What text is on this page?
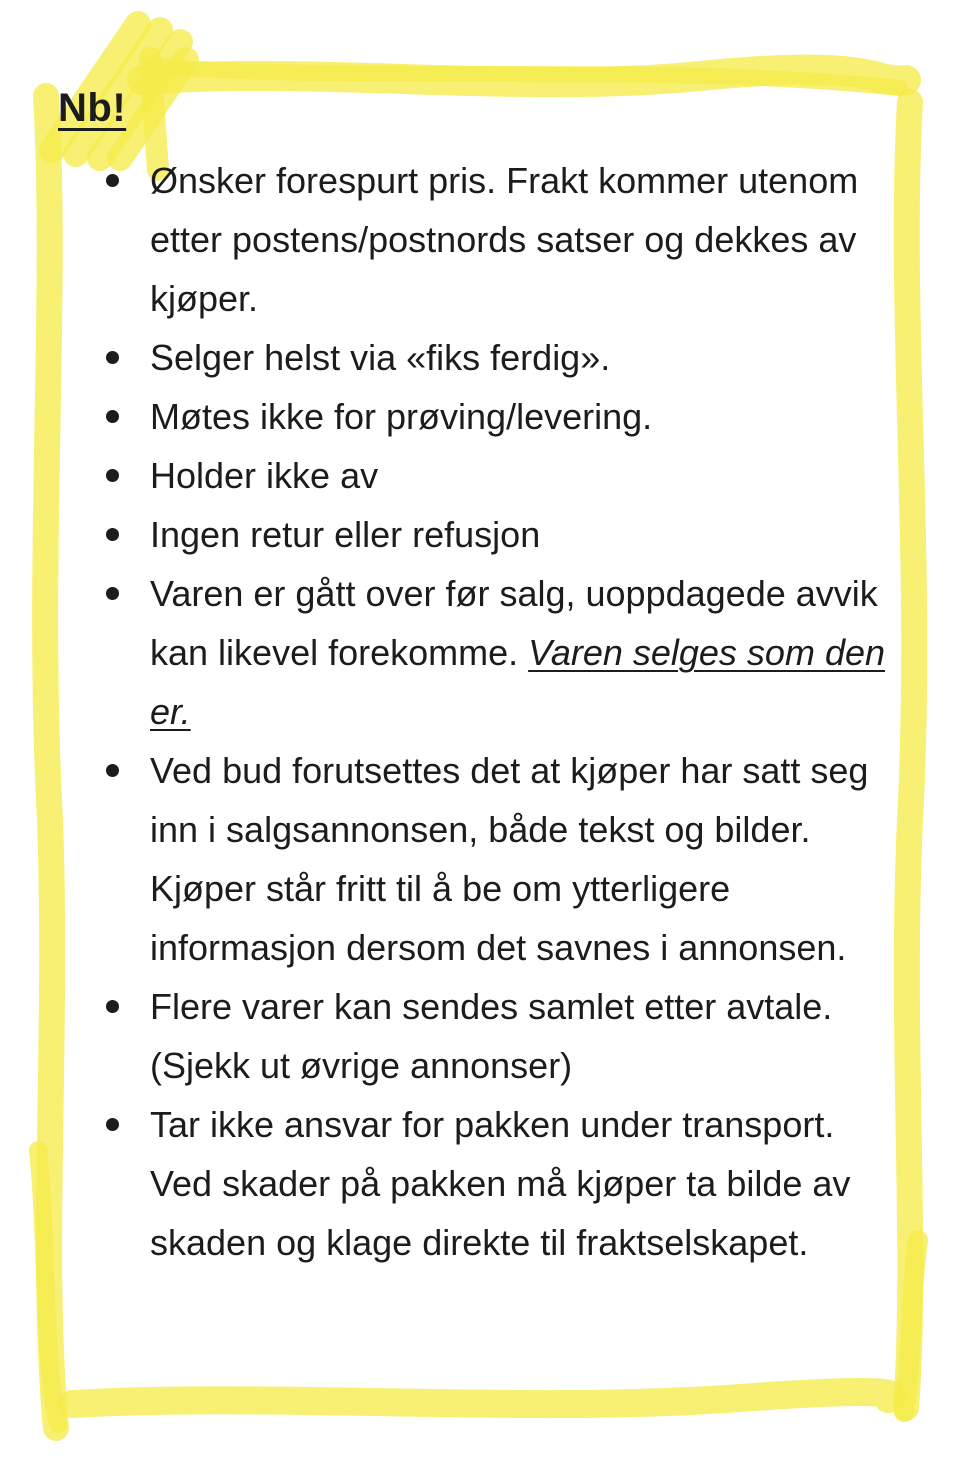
Nb!
Ønsker forespurt pris. Frakt kommer utenom etter postens/postnords satser og dekkes av kjøper.
Selger helst via «fiks ferdig».
Møtes ikke for prøving/levering.
Holder ikke av
Ingen retur eller refusjon
Varen er gått over før salg, uoppdagede avvik kan likevel forekomme. Varen selges som den er.
Ved bud forutsettes det at kjøper har satt seg inn i salgsannonsen, både tekst og bilder. Kjøper står fritt til å be om ytterligere informasjon dersom det savnes i annonsen.
Flere varer kan sendes samlet etter avtale. (Sjekk ut øvrige annonser)
Tar ikke ansvar for pakken under transport. Ved skader på pakken må kjøper ta bilde av skaden og klage direkte til fraktselskapet.
